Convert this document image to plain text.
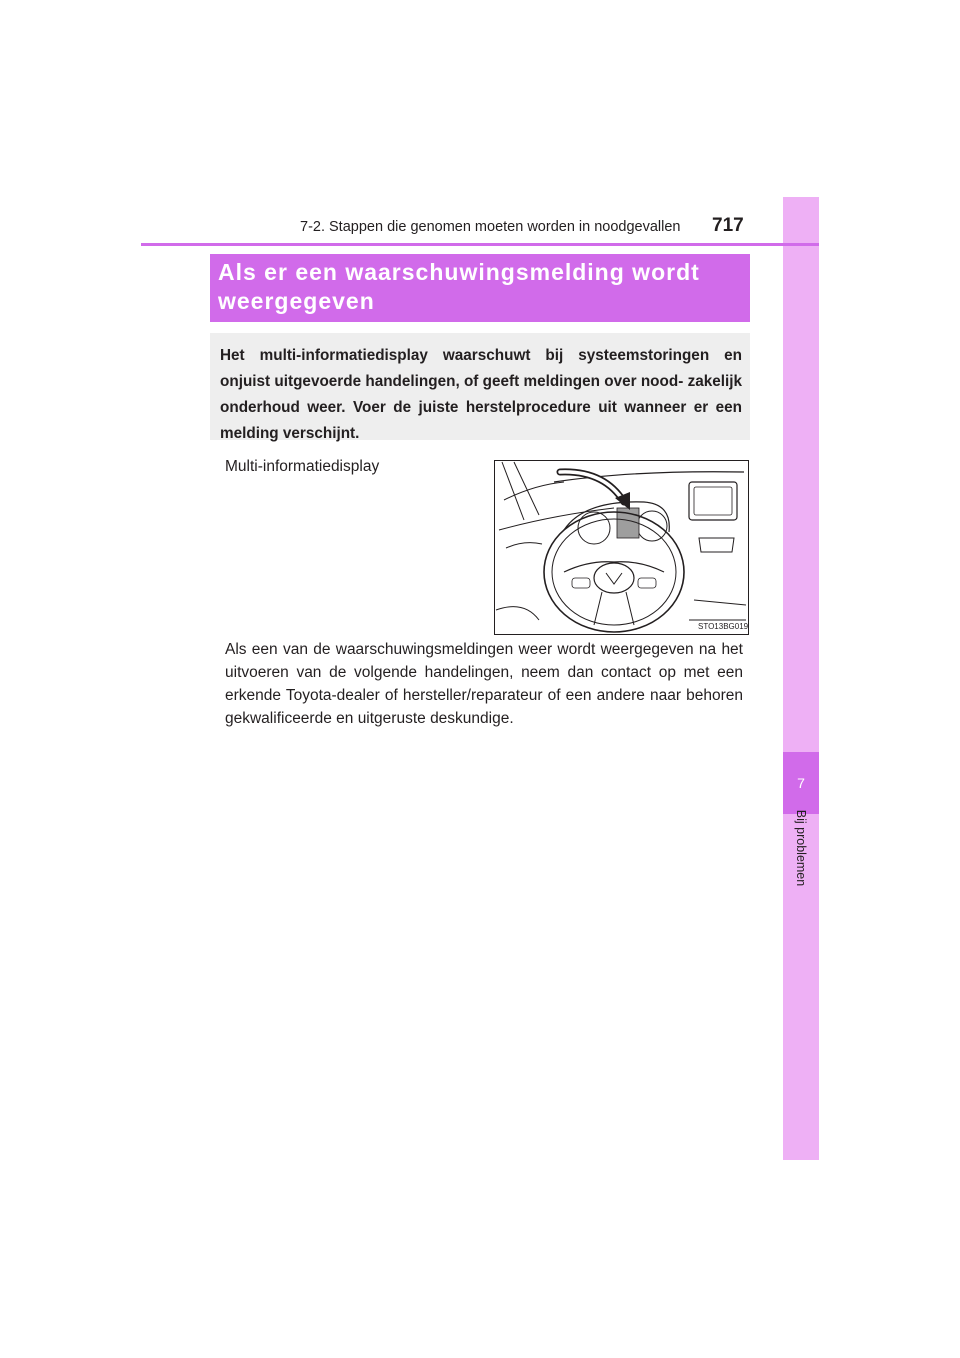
7
Bij problemen
7-2. Stappen die genomen moeten worden in noodgevallen 717
Als er een waarschuwingsmelding wordt
weergegeven

Het multi-informatiedisplay waarschuwt bij systeemstoringen en onjuist uitgevoerde handelingen, of geeft meldingen over nood- zakelijk onderhoud weer. Voer de juiste herstelprocedure uit wanneer er een melding verschijnt.

Multi-informatiedisplay
STO13BG019

Als een van de waarschuwingsmeldingen weer wordt weergegeven na het uitvoeren van de volgende handelingen, neem dan contact op met een erkende Toyota-dealer of hersteller/reparateur of een andere naar behoren gekwalificeerde en uitgeruste deskundige.
